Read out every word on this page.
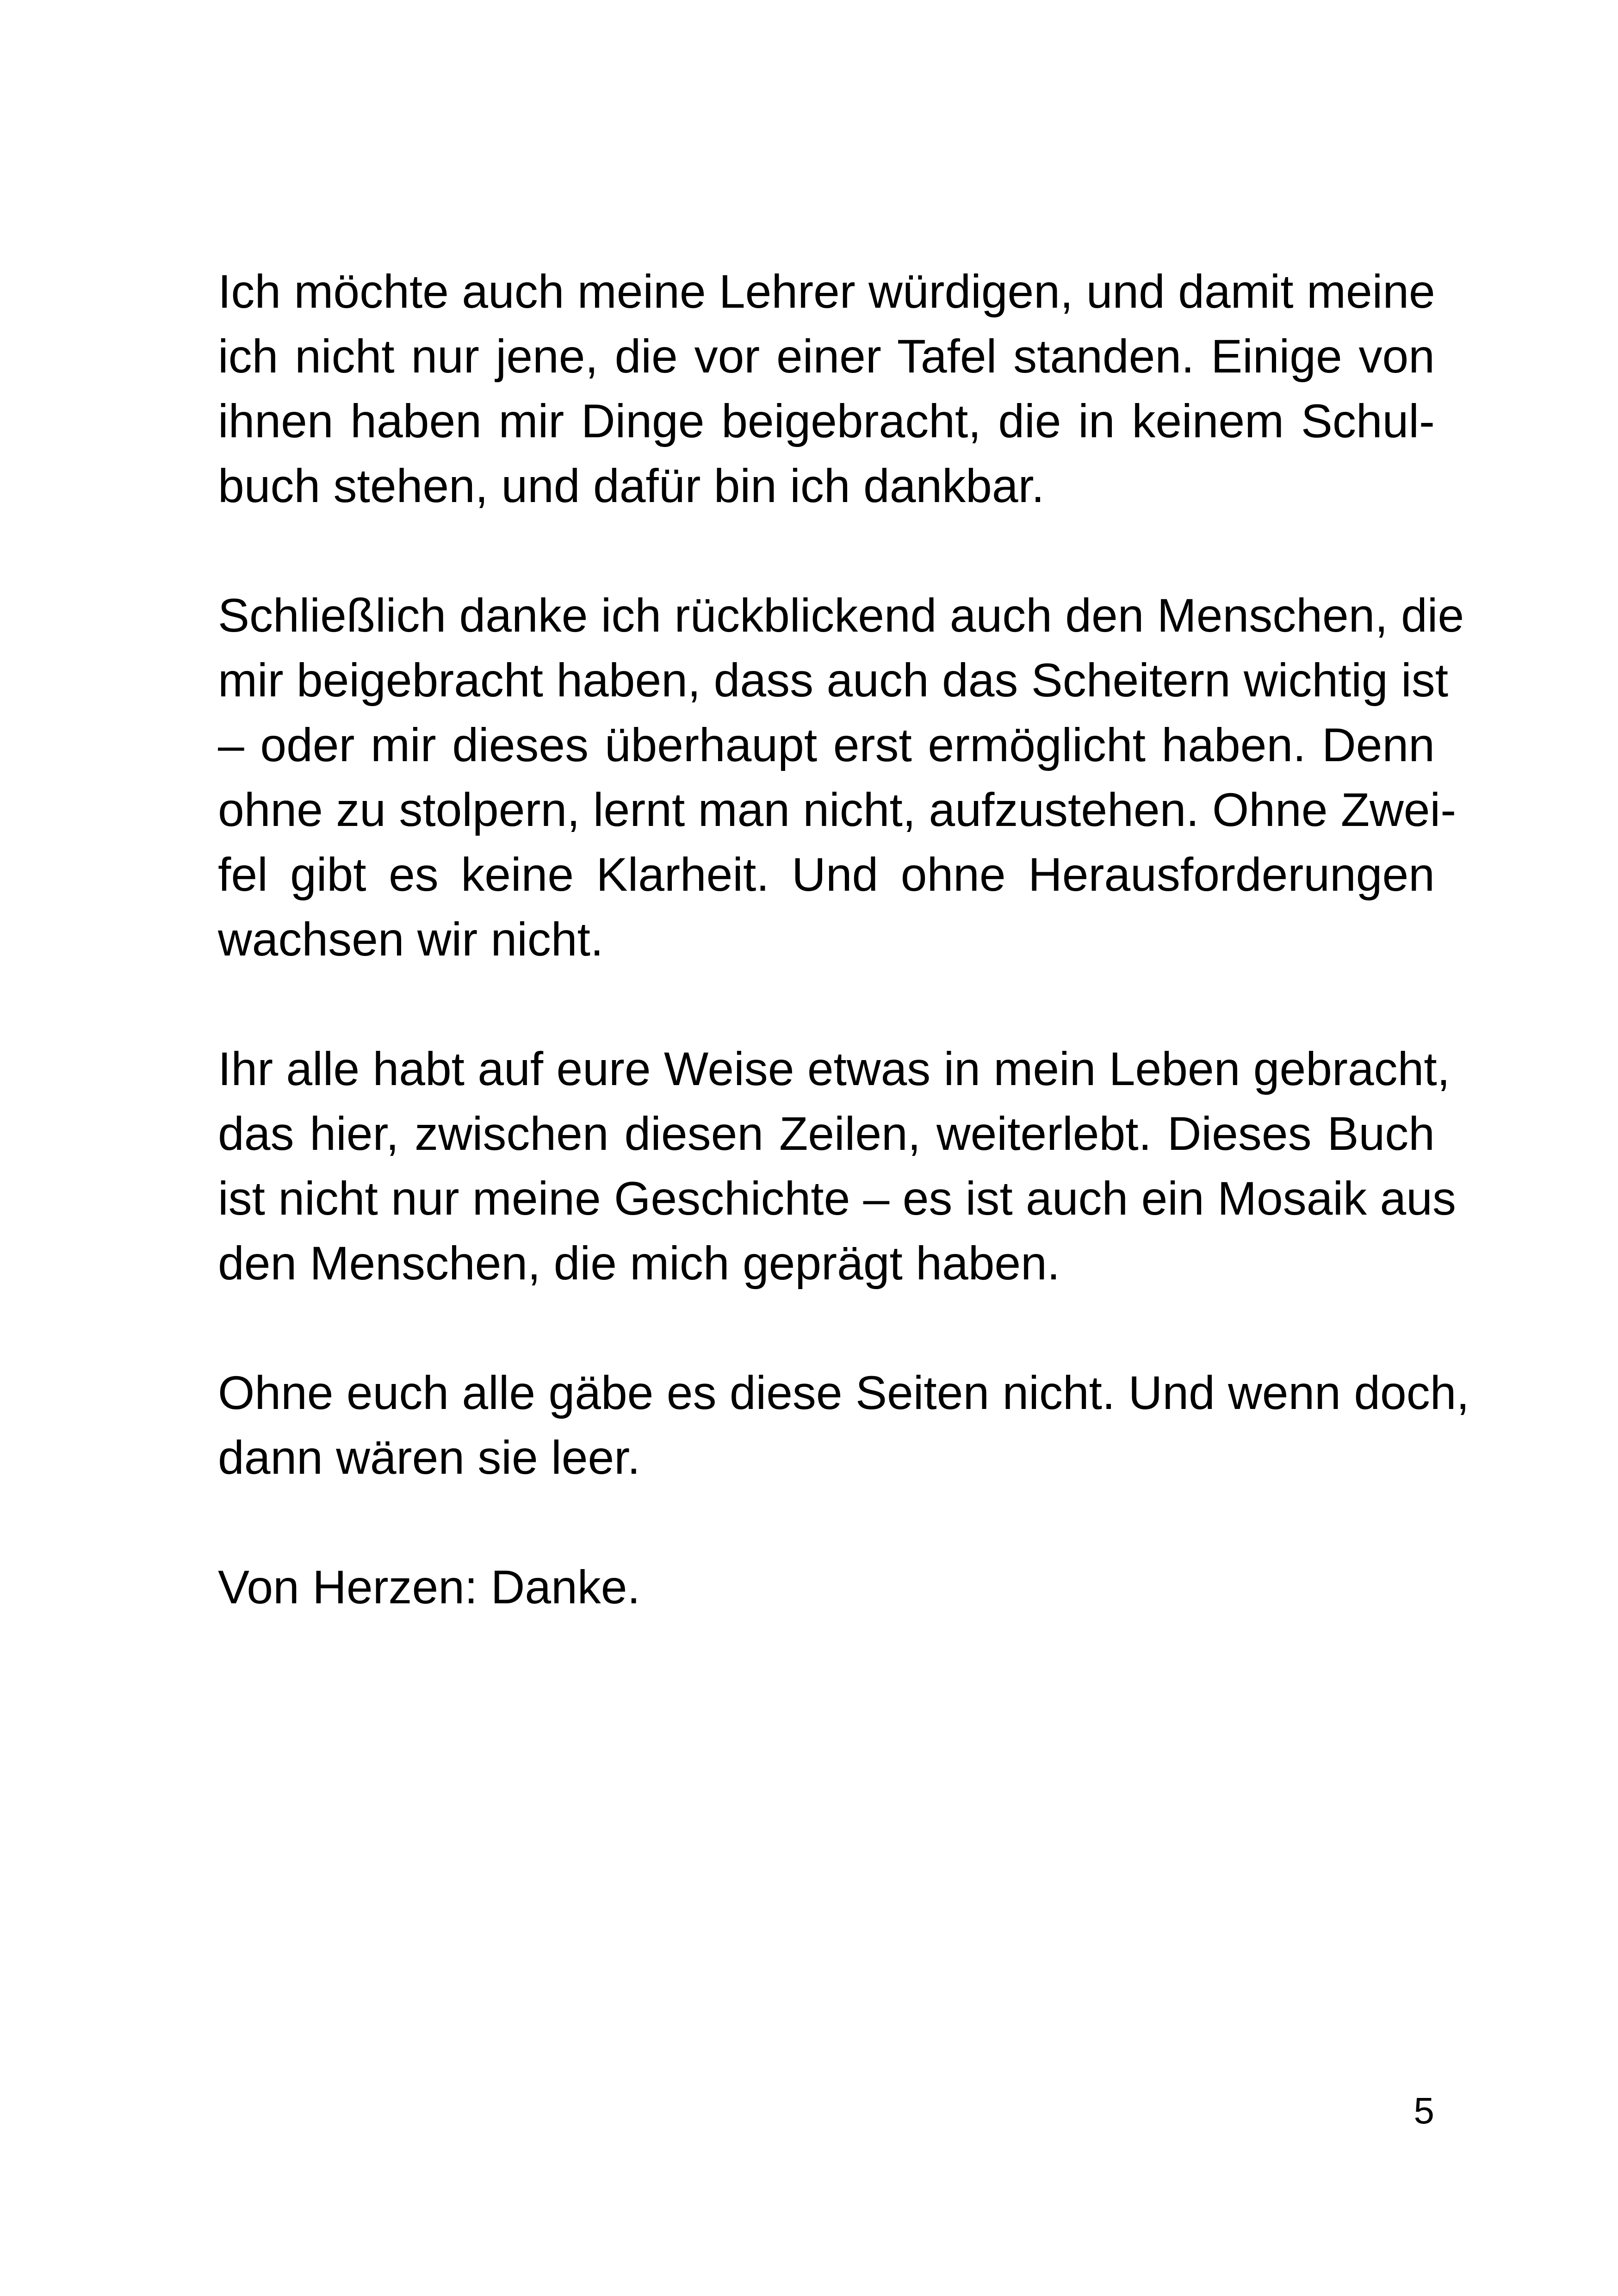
Ich möchte auch meine Lehrer würdigen, und damit meine
ich nicht nur jene, die vor einer Tafel standen. Einige von
ihnen haben mir Dinge beigebracht, die in keinem Schul-
buch stehen, und dafür bin ich dankbar.
Schließlich danke ich rückblickend auch den Menschen, die
mir beigebracht haben, dass auch das Scheitern wichtig ist
– oder mir dieses überhaupt erst ermöglicht haben. Denn
ohne zu stolpern, lernt man nicht, aufzustehen. Ohne Zwei-
fel gibt es keine Klarheit. Und ohne Herausforderungen
wachsen wir nicht.
Ihr alle habt auf eure Weise etwas in mein Leben gebracht,
das hier, zwischen diesen Zeilen, weiterlebt. Dieses Buch
ist nicht nur meine Geschichte – es ist auch ein Mosaik aus
den Menschen, die mich geprägt haben.
Ohne euch alle gäbe es diese Seiten nicht. Und wenn doch,
dann wären sie leer.
Von Herzen: Danke.
5
